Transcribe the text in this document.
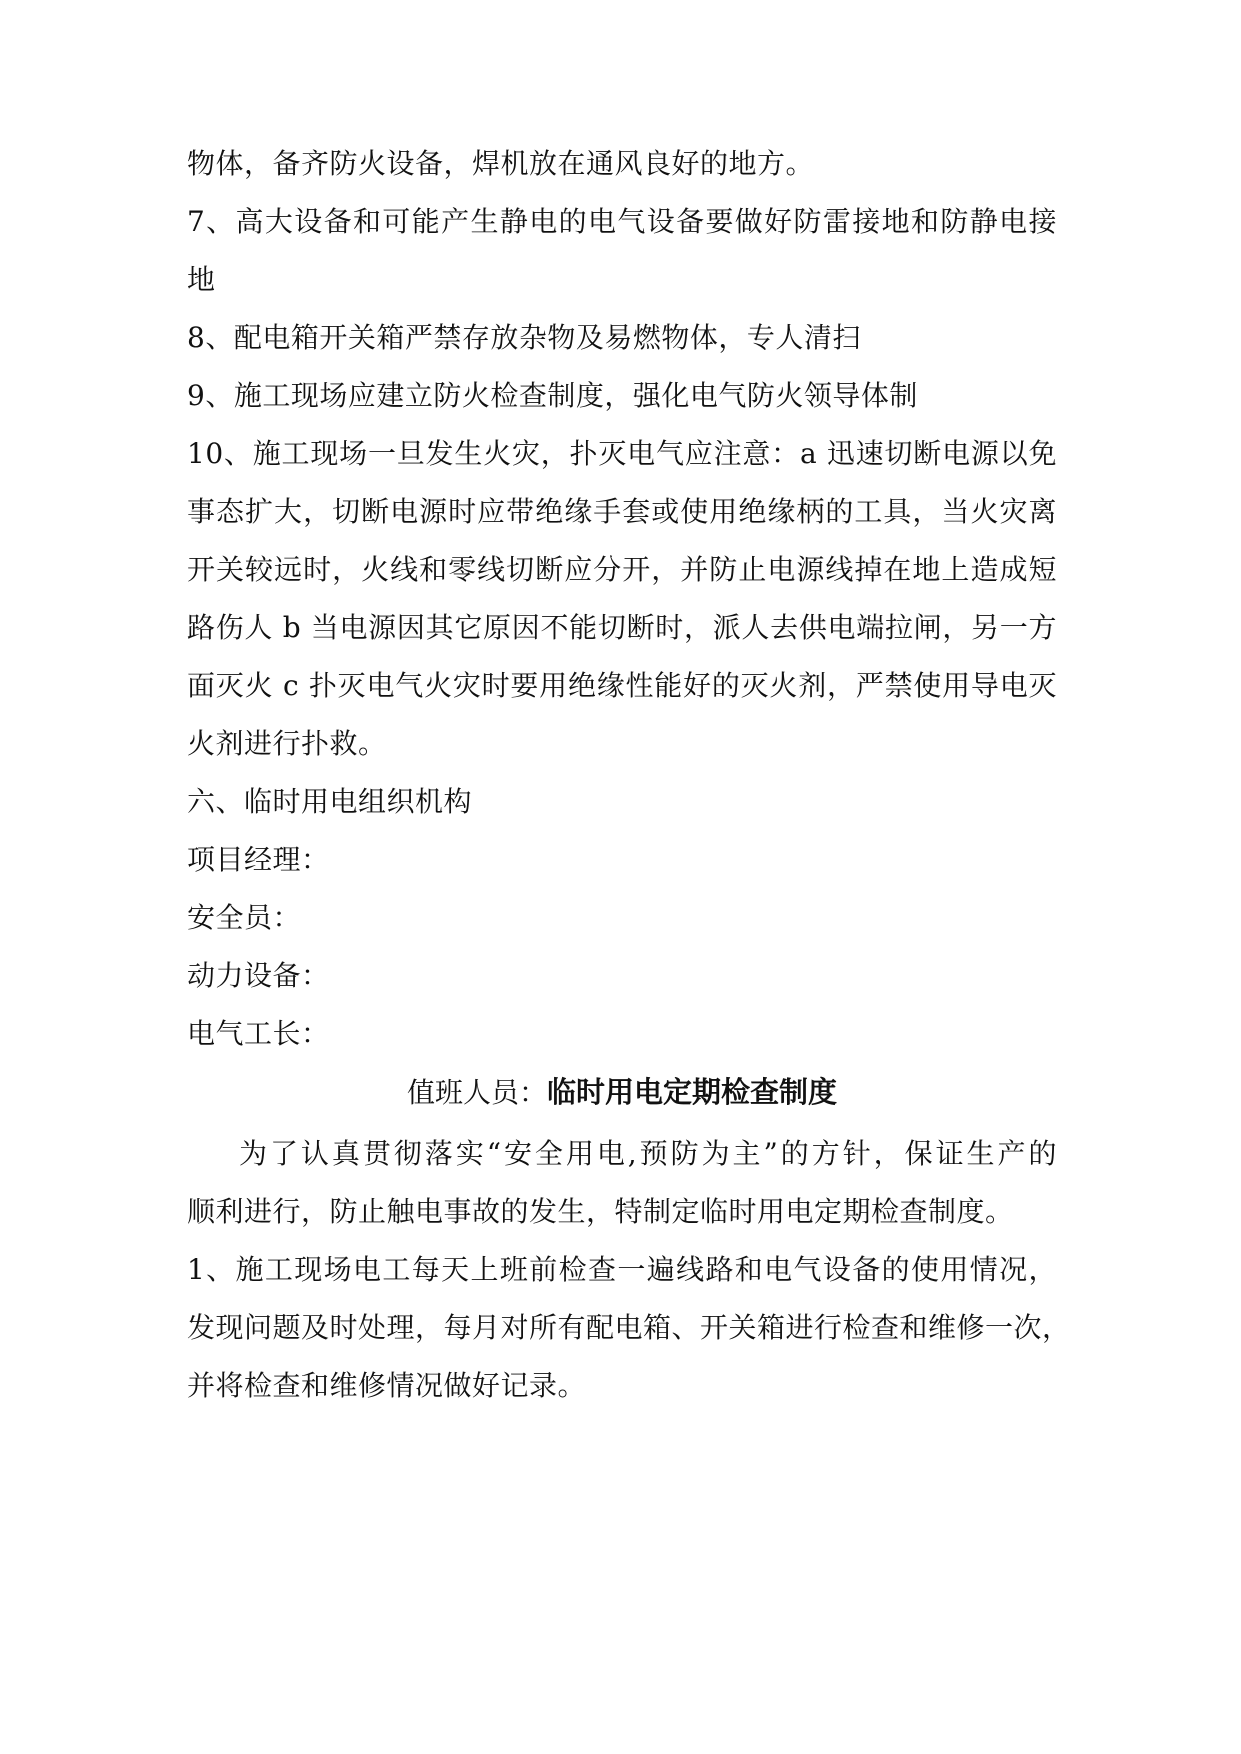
物体，备齐防火设备，焊机放在通风良好的地方。
7、高大设备和可能产生静电的电气设备要做好防雷接地和防静电接
地
8、配电箱开关箱严禁存放杂物及易燃物体，专人清扫
9、施工现场应建立防火检查制度，强化电气防火领导体制
10、施工现场一旦发生火灾，扑灭电气应注意：a 迅速切断电源以免
事态扩大，切断电源时应带绝缘手套或使用绝缘柄的工具，当火灾离
开关较远时，火线和零线切断应分开，并防止电源线掉在地上造成短
路伤人 b 当电源因其它原因不能切断时，派人去供电端拉闸，另一方
面灭火 c 扑灭电气火灾时要用绝缘性能好的灭火剂，严禁使用导电灭
火剂进行扑救。
六、临时用电组织机构
项目经理：
安全员：
动力设备：
电气工长：
值班人员：临时用电定期检查制度
为了认真贯彻落实“安全用电,预防为主”的方针，保证生产的
顺利进行，防止触电事故的发生，特制定临时用电定期检查制度。
1、施工现场电工每天上班前检查一遍线路和电气设备的使用情况，
发现问题及时处理，每月对所有配电箱、开关箱进行检查和维修一次，
并将检查和维修情况做好记录。
